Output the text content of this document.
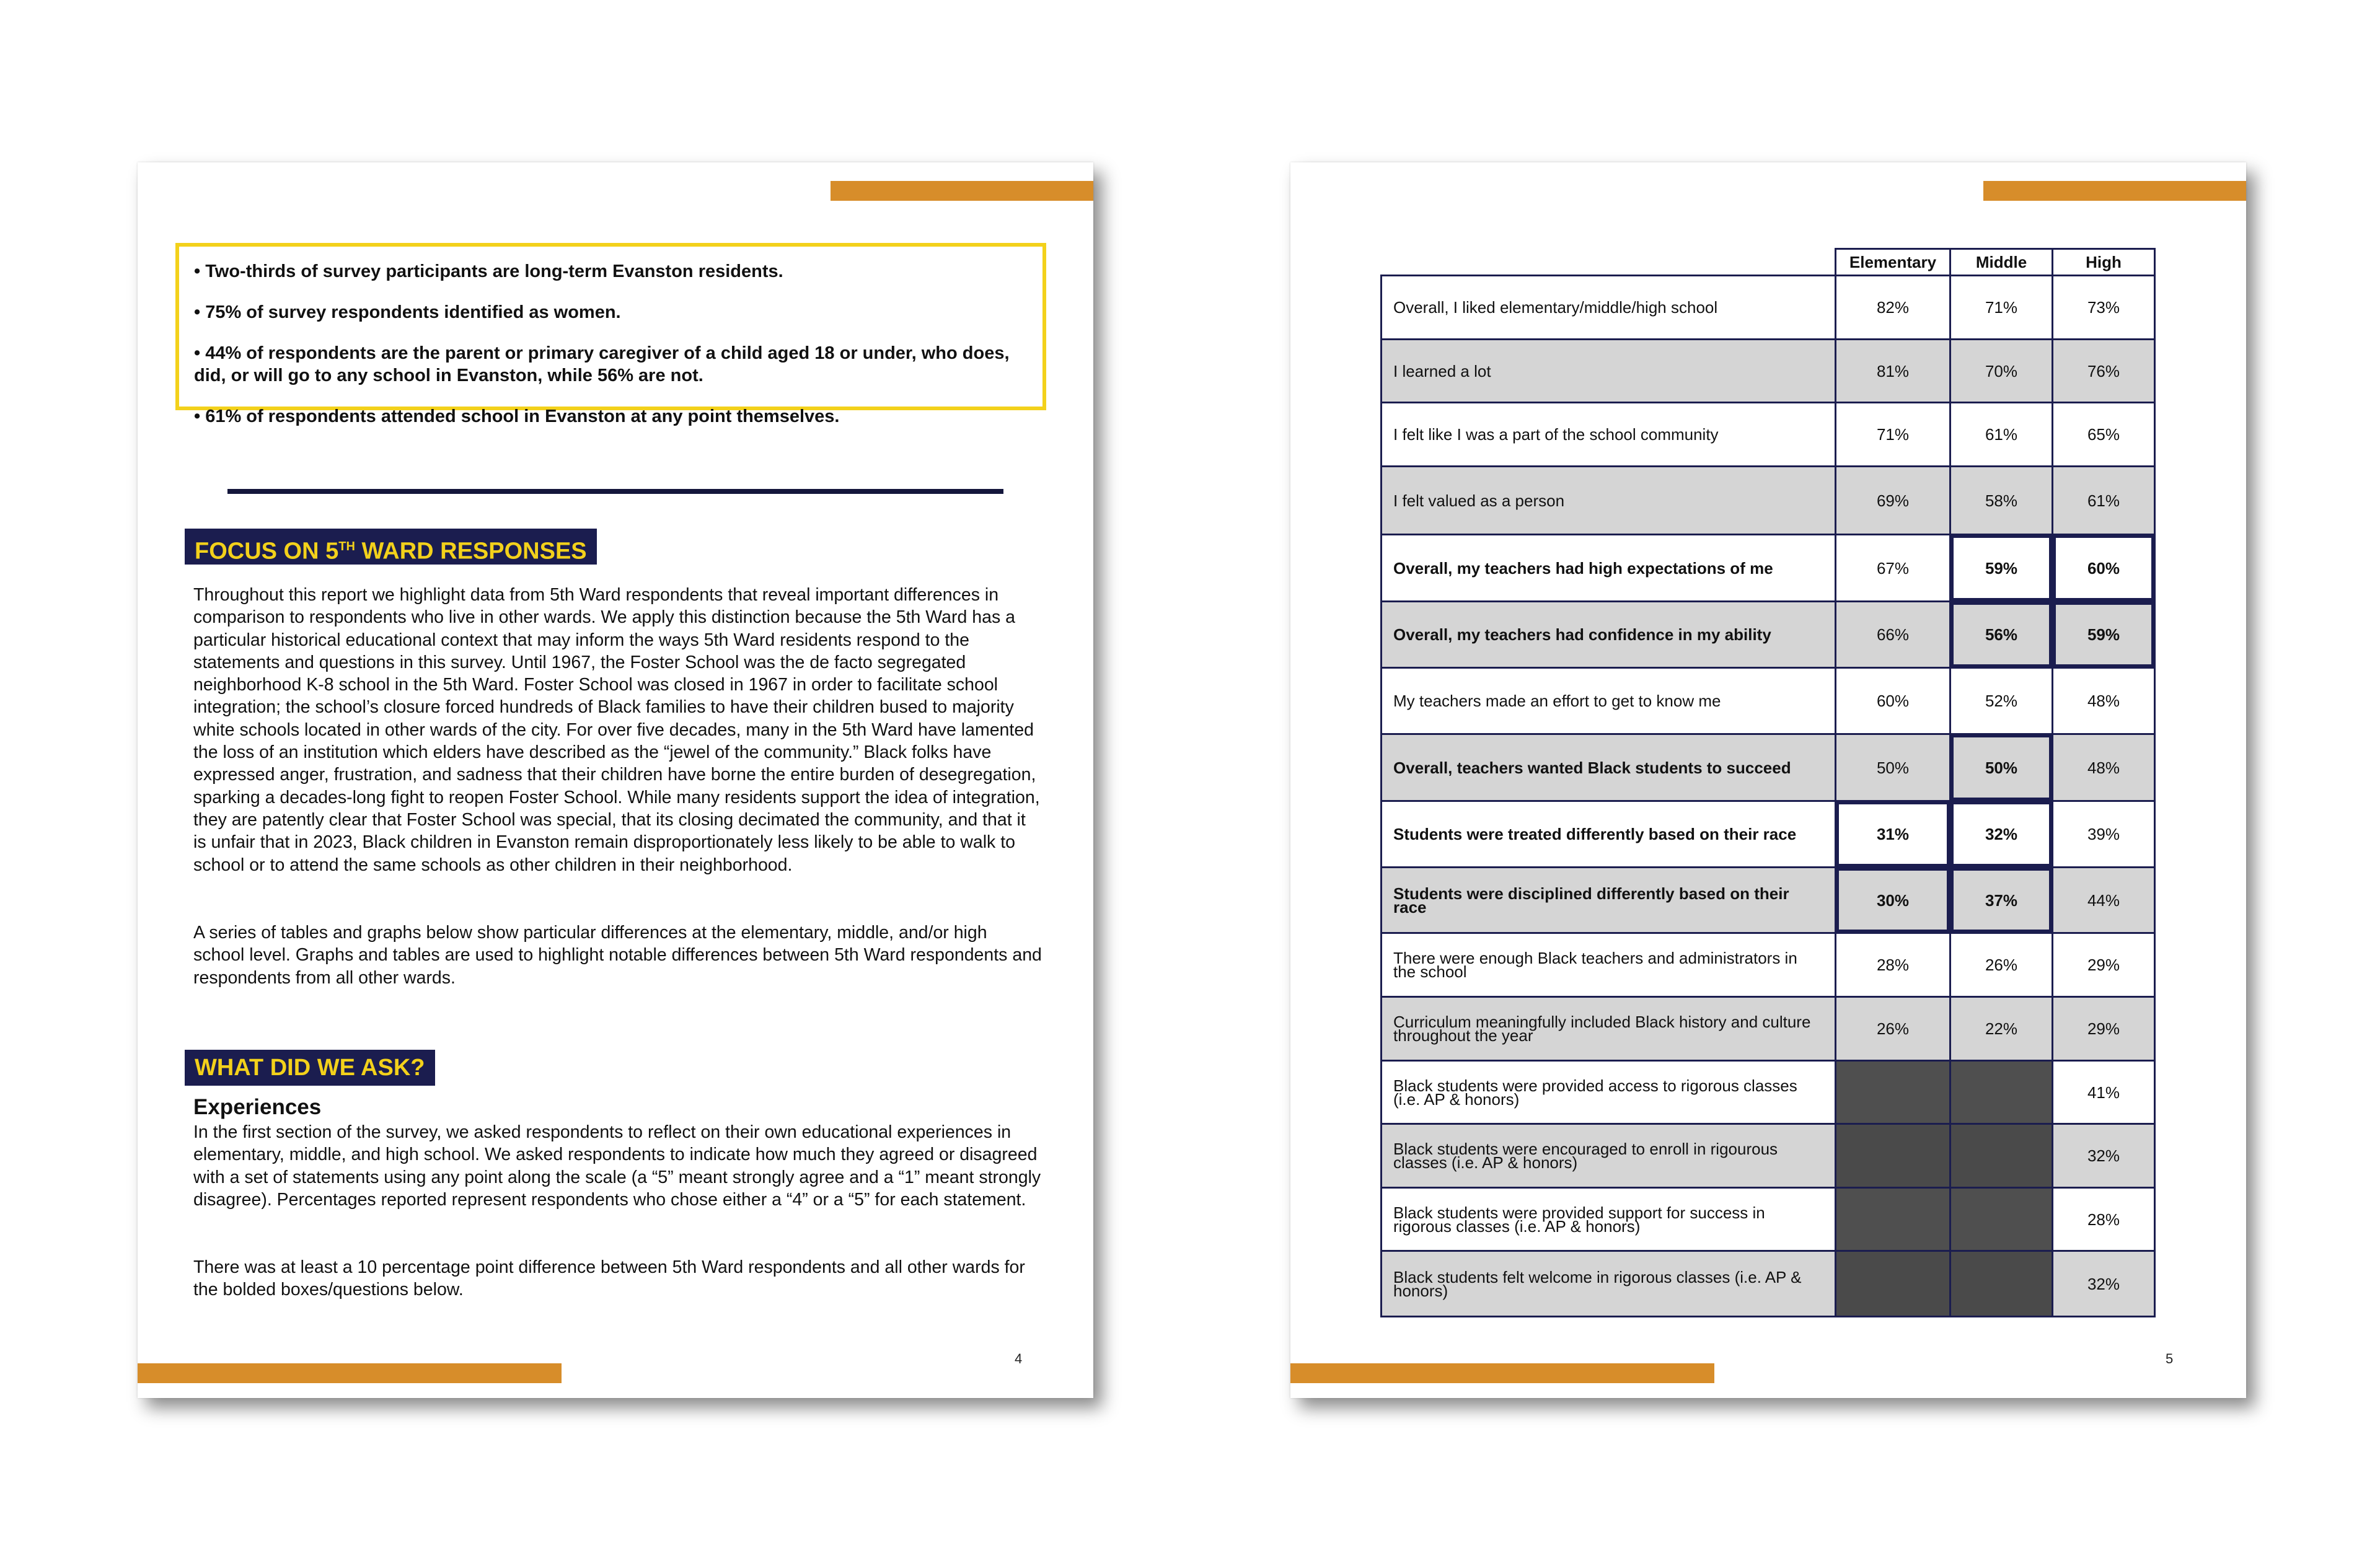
• Two-thirds of survey participants are long-term Evanston residents.

• 75% of survey respondents identified as women.

• 44% of respondents are the parent or primary caregiver of a child aged 18 or under, who does, did, or will go to any school in Evanston, while 56% are not.

• 61% of respondents attended school in Evanston at any point themselves.

FOCUS ON 5TH WARD RESPONSES

Throughout this report we highlight data from 5th Ward respondents that reveal important differences in comparison to respondents who live in other wards. We apply this distinction because the 5th Ward has a particular historical educational context that may inform the ways 5th Ward residents respond to the statements and questions in this survey. Until 1967, the Foster School was the de facto segregated neighborhood K-8 school in the 5th Ward. Foster School was closed in 1967 in order to facilitate school integration; the school’s closure forced hundreds of Black families to have their children bused to majority white schools located in other wards of the city. For over five decades, many in the 5th Ward have lamented the loss of an institution which elders have described as the “jewel of the community.” Black folks have expressed anger, frustration, and sadness that their children have borne the entire burden of desegregation, sparking a decades-long fight to reopen Foster School. While many residents support the idea of integration, they are patently clear that Foster School was special, that its closing decimated the community, and that it is unfair that in 2023, Black children in Evanston remain disproportionately less likely to be able to walk to school or to attend the same schools as other children in their neighborhood.

A series of tables and graphs below show particular differences at the elementary, middle, and/or high school level. Graphs and tables are used to highlight notable differences between 5th Ward respondents and respondents from all other wards.

WHAT DID WE ASK?
Experiences

In the first section of the survey, we asked respondents to reflect on their own educational experiences in elementary, middle, and high school. We asked respondents to indicate how much they agreed or disagreed with a set of statements using any point along the scale (a “5” meant strongly agree and a “1” meant strongly disagree). Percentages reported represent respondents who chose either a “4” or a “5” for each statement.

There was at least a 10 percentage point difference between 5th Ward respondents and all other wards for the bolded boxes/questions below.

4
	Elementary	Middle	High
Overall, I liked elementary/middle/high school	82%	71%	73%
I learned a lot	81%	70%	76%
I felt like I was a part of the school community	71%	61%	65%
I felt valued as a person	69%	58%	61%
Overall, my teachers had high expectations of me	67%	59%	60%
Overall, my teachers had confidence in my ability	66%	56%	59%
My teachers made an effort to get to know me	60%	52%	48%
Overall, teachers wanted Black students to succeed	50%	50%	48%
Students were treated differently based on their race	31%	32%	39%
Students were disciplined differently based on their race	30%	37%	44%
There were enough Black teachers and administrators in the school	28%	26%	29%
Curriculum meaningfully included Black history and culture throughout the year	26%	22%	29%
Black students were provided access to rigorous classes (i.e. AP & honors)			41%
Black students were encouraged to enroll in rigourous classes (i.e. AP & honors)			32%
Black students were provided support for success in rigorous classes (i.e. AP & honors)			28%
Black students felt welcome in rigorous classes (i.e. AP & honors)			32%
5
